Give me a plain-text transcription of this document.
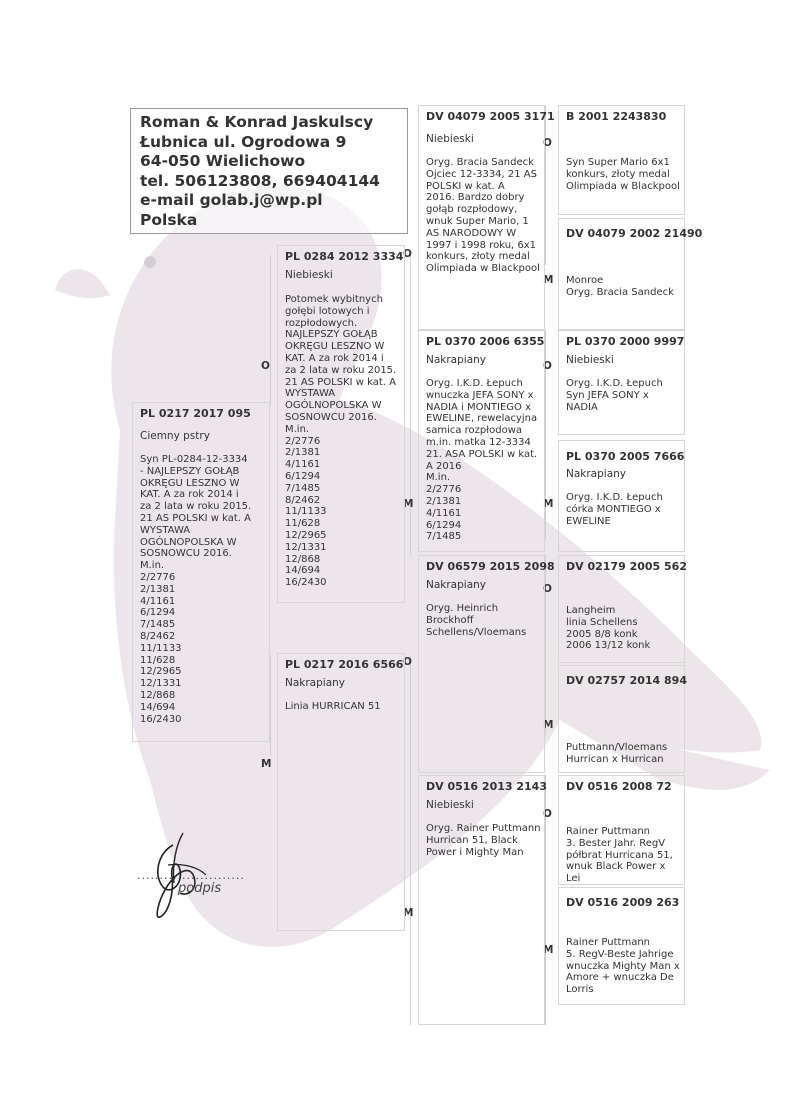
Roman & Konrad Jaskulscy
Łubnica ul. Ogrodowa 9
64-050 Wielichowo
tel. 506123808, 669404144
e-mail golab.j@wp.pl
Polska
O
M
O
M
O
M
O
M
O
M
O
M
O
M
PL 0217 2017 095
Ciemny pstry
Syn PL-0284-12-3334
- NAJLEPSZY GOŁĄB
OKRĘGU LESZNO W
KAT. A za rok 2014 i
za 2 lata w roku 2015.
21 AS POLSKI w kat. A
WYSTAWA
OGÓLNOPOLSKA W
SOSNOWCU 2016.
M.in.
2/2776
2/1381
4/1161
6/1294
7/1485
8/2462
11/1133
11/628
12/2965
12/1331
12/868
14/694
16/2430
PL 0284 2012 3334
Niebieski
Potomek wybitnych
gołębi lotowych i
rozpłodowych.
NAJLEPSZY GOŁĄB
OKRĘGU LESZNO W
KAT. A za rok 2014 i
za 2 lata w roku 2015.
21 AS POLSKI w kat. A
WYSTAWA
OGÓLNOPOLSKA W
SOSNOWCU 2016.
M.in.
2/2776
2/1381
4/1161
6/1294
7/1485
8/2462
11/1133
11/628
12/2965
12/1331
12/868
14/694
16/2430
PL 0217 2016 6566
Nakrapiany
Linia HURRICAN 51
DV 04079 2005 3171
Niebieski
Oryg. Bracia Sandeck
Ojciec 12-3334, 21 AS
POLSKI w kat. A
2016. Bardzo dobry
gołąb rozpłodowy,
wnuk Super Mario, 1
AS NARODOWY W
1997 i 1998 roku, 6x1
konkurs, złoty medal
Olimpiada w Blackpool
PL 0370 2006 6355
Nakrapiany
Oryg. I.K.D. Łepuch
wnuczka JEFA SONY x
NADIA i MONTIEGO x
EWELINE, rewelacyjna
samica rozpłodowa
m.in. matka 12-3334
21. ASA POLSKI w kat.
A 2016
M.in.
2/2776
2/1381
4/1161
6/1294
7/1485
DV 06579 2015 2098
Nakrapiany
Oryg. Heinrich
Brockhoff
Schellens/Vloemans
DV 0516 2013 2143
Niebieski
Oryg. Rainer Puttmann
Hurrican 51, Black
Power i Mighty Man
B 2001 2243830
Syn Super Mario 6x1
konkurs, złoty medal
Olimpiada w Blackpool
DV 04079 2002 21490
Monroe
Oryg. Bracia Sandeck
PL 0370 2000 9997
Niebieski
Oryg. I.K.D. Łepuch
Syn JEFA SONY x
NADIA
PL 0370 2005 7666
Nakrapiany
Oryg. I.K.D. Łepuch
córka MONTIEGO x
EWELINE
DV 02179 2005 562
Langheim
linia Schellens
2005 8/8 konk
2006 13/12 konk
DV 02757 2014 894
Puttmann/Vloemans
Hurrican x Hurrican
DV 0516 2008 72
Rainer Puttmann
3. Bester Jahr. RegV
półbrat Hurricana 51,
wnuk Black Power x
Lei
DV 0516 2009 263
Rainer Puttmann
5. RegV-Beste Jahrige
wnuczka Mighty Man x
Amore + wnuczka De
Lorris
........................
podpis
